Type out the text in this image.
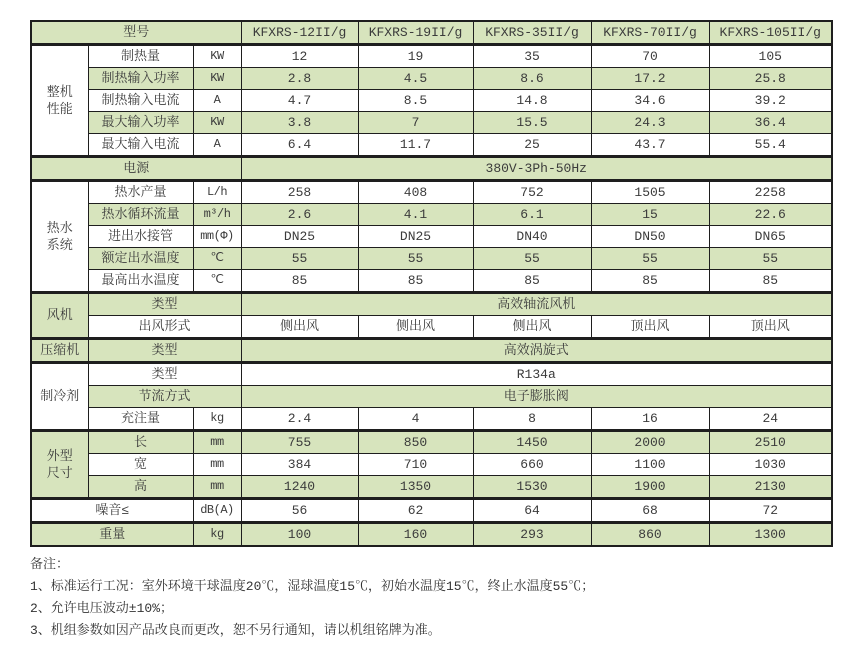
型号			KFXRS-12II/g	KFXRS-19II/g	KFXRS-35II/g	KFXRS-70II/g	KFXRS-105II/g
整机
性能	制热量	KW	12	19	35	70	105
	制热输入功率	KW	2.8	4.5	8.6	17.2	25.8
	制热输入电流	A	4.7	8.5	14.8	34.6	39.2
	最大输入功率	KW	3.8	7	15.5	24.3	36.4
	最大输入电流	A	6.4	11.7	25	43.7	55.4
电源			380V-3Ph-50Hz				
热水
系统	热水产量	L/h	258	408	752	1505	2258
	热水循环流量	m³/h	2.6	4.1	6.1	15	22.6
	进出水接管	mm(Φ)	DN25	DN25	DN40	DN50	DN65
	额定出水温度	℃	55	55	55	55	55
	最高出水温度	℃	85	85	85	85	85
风机	类型		高效轴流风机				
	出风形式		侧出风	侧出风	侧出风	顶出风	顶出风
压缩机	类型		高效涡旋式				
制冷剂	类型		R134a				
	节流方式		电子膨胀阀				
	充注量	kg	2.4	4	8	16	24
外型
尺寸	长	mm	755	850	1450	2000	2510
	宽	mm	384	710	660	1100	1030
	高	mm	1240	1350	1530	1900	2130
噪音≤		dB(A)	56	62	64	68	72
重量		kg	100	160	293	860	1300
备注：
1、标准运行工况：室外环境干球温度20℃，湿球温度15℃，初始水温度15℃，终止水温度55℃；
2、允许电压波动±10%；
3、机组参数如因产品改良而更改，恕不另行通知，请以机组铭牌为准。
